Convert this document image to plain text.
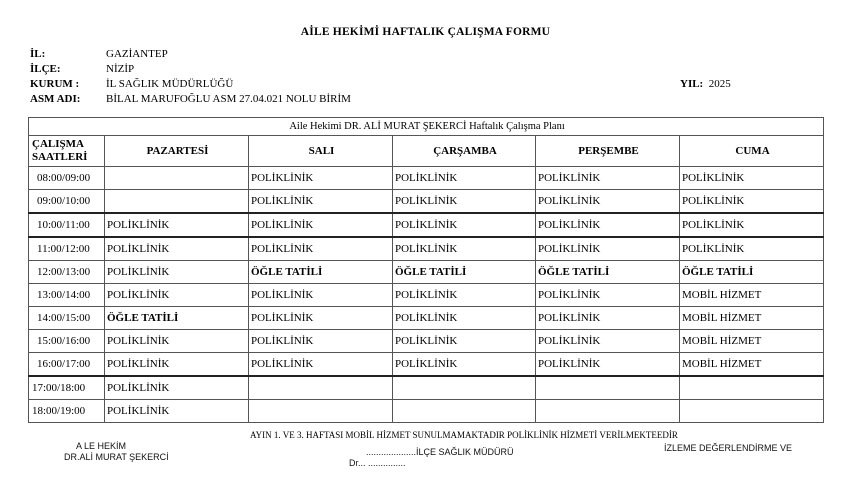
AİLE HEKİMİ HAFTALIK ÇALIŞMA FORMU
İL:	GAZİANTEP
İLÇE:	NİZİP
KURUM : İL SAĞLIK MÜDÜRLÜĞÜ
ASM ADI: BİLAL MARUFOĞLU ASM 27.04.021 NOLU BİRİM
YIL: 2025
Aile Hekimi DR. ALİ MURAT ŞEKERCİ Haftalık Çalışma Planı					
ÇALIŞMA
SAATLERİ	PAZARTESİ	SALI	ÇARŞAMBA	PERŞEMBE	CUMA
08:00/09:00		POLİKLİNİK	POLİKLİNİK	POLİKLİNİK	POLİKLİNİK
09:00/10:00		POLİKLİNİK	POLİKLİNİK	POLİKLİNİK	POLİKLİNİK
10:00/11:00	POLİKLİNİK	POLİKLİNİK	POLİKLİNİK	POLİKLİNİK	POLİKLİNİK
11:00/12:00	POLİKLİNİK	POLİKLİNİK	POLİKLİNİK	POLİKLİNİK	POLİKLİNİK
12:00/13:00	POLİKLİNİK	ÖĞLE TATİLİ	ÖĞLE TATİLİ	ÖĞLE TATİLİ	ÖĞLE TATİLİ
13:00/14:00	POLİKLİNİK	POLİKLİNİK	POLİKLİNİK	POLİKLİNİK	MOBİL HİZMET
14:00/15:00	ÖĞLE TATİLİ	POLİKLİNİK	POLİKLİNİK	POLİKLİNİK	MOBİL HİZMET
15:00/16:00	POLİKLİNİK	POLİKLİNİK	POLİKLİNİK	POLİKLİNİK	MOBİL HİZMET
16:00/17:00	POLİKLİNİK	POLİKLİNİK	POLİKLİNİK	POLİKLİNİK	MOBİL HİZMET
17:00/18:00	POLİKLİNİK				
18:00/19:00	POLİKLİNİK				
AYIN 1. VE 3. HAFTASI MOBİL HİZMET SUNULMAMAKTADIR POLİKLİNİK HİZMETİ VERİLMEKTEEDİR
A LE HEKİM
DR.ALİ MURAT ŞEKERCİ	....................İLÇE SAĞLIK MÜDÜRÜ
Dr... ...............
İZLEME DEĞERLENDİRME VE
